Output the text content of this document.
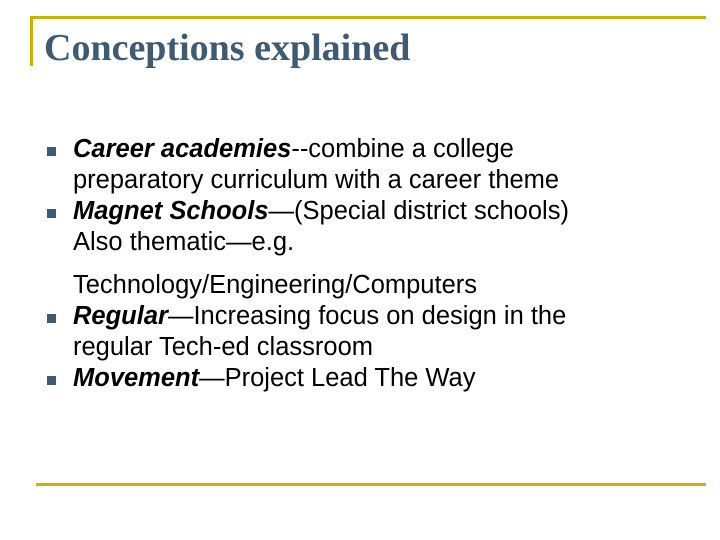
Conceptions explained
Career academies--combine a college
preparatory curriculum with a career theme
Magnet Schools—(Special district schools)
Also thematic—e.g.
Technology/Engineering/Computers
Regular—Increasing focus on design in the
regular Tech-ed classroom
Movement—Project Lead The Way
